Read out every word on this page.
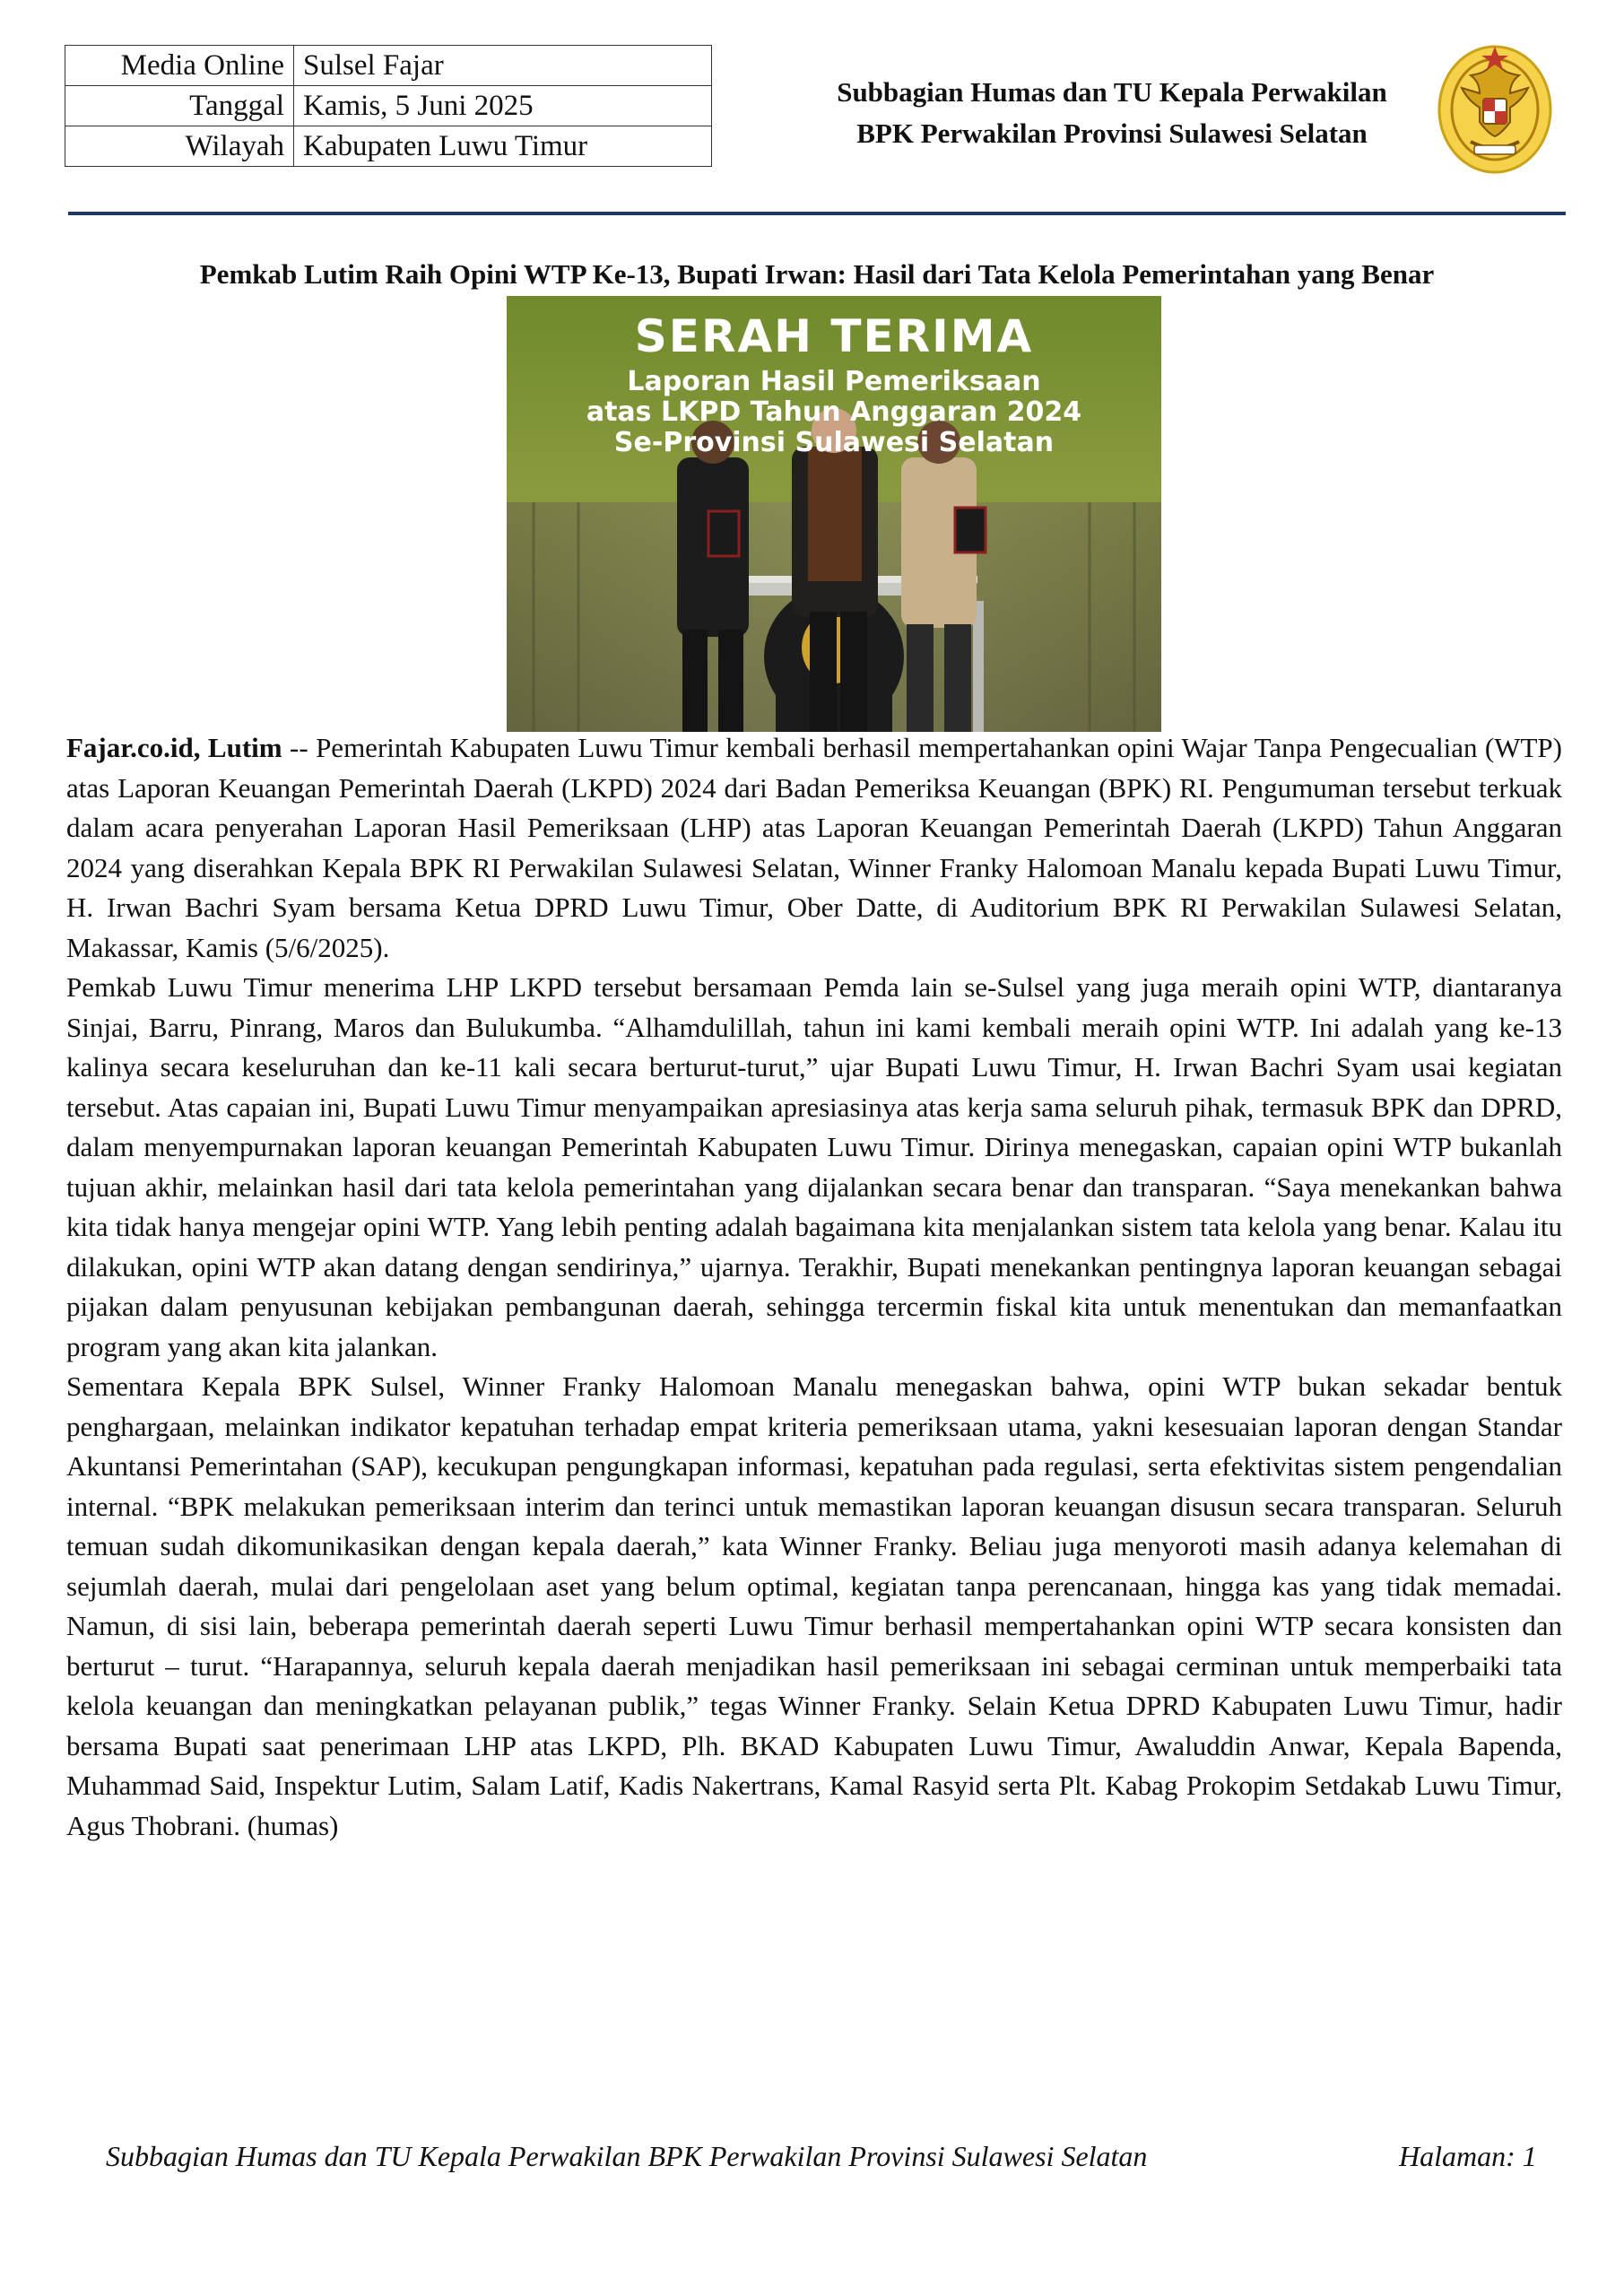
Media Online	Sulsel Fajar
Tanggal	Kamis, 5 Juni 2025
Wilayah	Kabupaten Luwu Timur
Subbagian Humas dan TU Kepala Perwakilan
BPK Perwakilan Provinsi Sulawesi Selatan
Pemkab Lutim Raih Opini WTP Ke-13, Bupati Irwan: Hasil dari Tata Kelola Pemerintahan yang Benar
SERAH TERIMA
Laporan Hasil Pemeriksaan
atas LKPD Tahun Anggaran 2024
Se-Provinsi Sulawesi Selatan

Fajar.co.id, Lutim -- Pemerintah Kabupaten Luwu Timur kembali berhasil mempertahankan opini Wajar Tanpa Pengecualian (WTP) atas Laporan Keuangan Pemerintah Daerah (LKPD) 2024 dari Badan Pemeriksa Keuangan (BPK) RI. Pengumuman tersebut terkuak dalam acara penyerahan Laporan Hasil Pemeriksaan (LHP) atas Laporan Keuangan Pemerintah Daerah (LKPD) Tahun Anggaran 2024 yang diserahkan Kepala BPK RI Perwakilan Sulawesi Selatan, Winner Franky Halomoan Manalu kepada Bupati Luwu Timur, H. Irwan Bachri Syam bersama Ketua DPRD Luwu Timur, Ober Datte, di Auditorium BPK RI Perwakilan Sulawesi Selatan, Makassar, Kamis (5/6/2025).

Pemkab Luwu Timur menerima LHP LKPD tersebut bersamaan Pemda lain se-Sulsel yang juga meraih opini WTP, diantaranya Sinjai, Barru, Pinrang, Maros dan Bulukumba. “Alhamdulillah, tahun ini kami kembali meraih opini WTP. Ini adalah yang ke-13 kalinya secara keseluruhan dan ke-11 kali secara berturut-turut,” ujar Bupati Luwu Timur, H. Irwan Bachri Syam usai kegiatan tersebut. Atas capaian ini, Bupati Luwu Timur menyampaikan apresiasinya atas kerja sama seluruh pihak, termasuk BPK dan DPRD, dalam menyempurnakan laporan keuangan Pemerintah Kabupaten Luwu Timur. Dirinya menegaskan, capaian opini WTP bukanlah tujuan akhir, melainkan hasil dari tata kelola pemerintahan yang dijalankan secara benar dan transparan. “Saya menekankan bahwa kita tidak hanya mengejar opini WTP. Yang lebih penting adalah bagaimana kita menjalankan sistem tata kelola yang benar. Kalau itu dilakukan, opini WTP akan datang dengan sendirinya,” ujarnya. Terakhir, Bupati menekankan pentingnya laporan keuangan sebagai pijakan dalam penyusunan kebijakan pembangunan daerah, sehingga tercermin fiskal kita untuk menentukan dan memanfaatkan program yang akan kita jalankan.

Sementara Kepala BPK Sulsel, Winner Franky Halomoan Manalu menegaskan bahwa, opini WTP bukan sekadar bentuk penghargaan, melainkan indikator kepatuhan terhadap empat kriteria pemeriksaan utama, yakni kesesuaian laporan dengan Standar Akuntansi Pemerintahan (SAP), kecukupan pengungkapan informasi, kepatuhan pada regulasi, serta efektivitas sistem pengendalian internal. “BPK melakukan pemeriksaan interim dan terinci untuk memastikan laporan keuangan disusun secara transparan. Seluruh temuan sudah dikomunikasikan dengan kepala daerah,” kata Winner Franky. Beliau juga menyoroti masih adanya kelemahan di sejumlah daerah, mulai dari pengelolaan aset yang belum optimal, kegiatan tanpa perencanaan, hingga kas yang tidak memadai. Namun, di sisi lain, beberapa pemerintah daerah seperti Luwu Timur berhasil mempertahankan opini WTP secara konsisten dan berturut – turut. “Harapannya, seluruh kepala daerah menjadikan hasil pemeriksaan ini sebagai cerminan untuk memperbaiki tata kelola keuangan dan meningkatkan pelayanan publik,” tegas Winner Franky. Selain Ketua DPRD Kabupaten Luwu Timur, hadir bersama Bupati saat penerimaan LHP atas LKPD, Plh. BKAD Kabupaten Luwu Timur, Awaluddin Anwar, Kepala Bapenda, Muhammad Said, Inspektur Lutim, Salam Latif, Kadis Nakertrans, Kamal Rasyid serta Plt. Kabag Prokopim Setdakab Luwu Timur, Agus Thobrani. (humas)

Subbagian Humas dan TU Kepala Perwakilan BPK Perwakilan Provinsi Sulawesi Selatan	Halaman: 1
